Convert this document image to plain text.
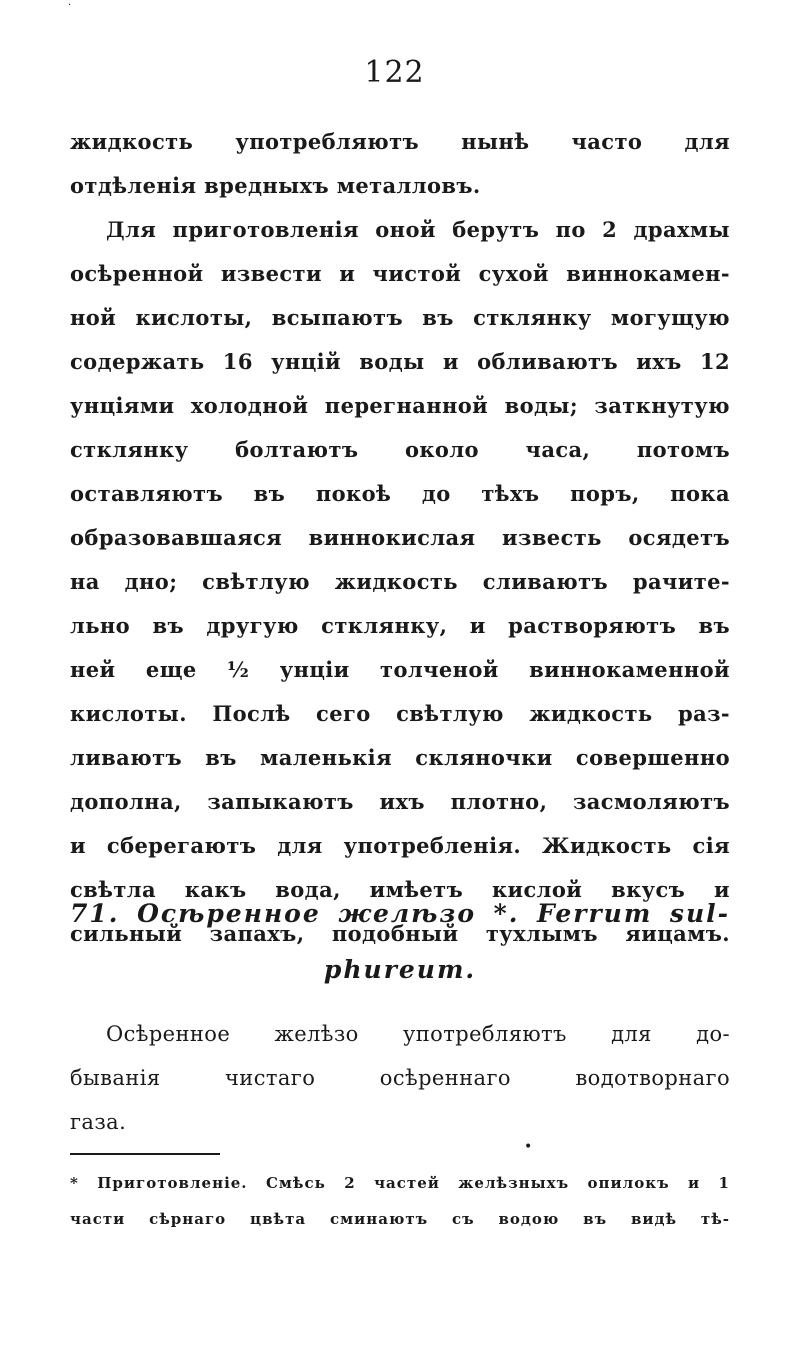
·
122
жидкость употребляютъ нынѣ часто для
отдѣленія вредныхъ металловъ.
Для приготовленія оной берутъ по 2 драхмы
осѣренной извести и чистой сухой виннокамен-
ной кислоты, всыпаютъ въ стклянку могущую
содержать 16 унцій воды и обливаютъ ихъ 12
унціями холодной перегнанной воды; заткнутую
стклянку болтаютъ около часа, потомъ
оставляютъ въ покоѣ до тѣхъ поръ, пока
образовавшаяся виннокислая известь осядетъ
на дно; свѣтлую жидкость сливаютъ рачите-
льно въ другую стклянку, и растворяютъ въ
ней еще ½ унціи толченой виннокаменной
кислоты. Послѣ сего свѣтлую жидкость раз-
ливаютъ въ маленькія скляночки совершенно
дополна, запыкаютъ ихъ плотно, засмоляютъ
и сберегаютъ для употребленія. Жидкость сія
свѣтла какъ вода, имѣетъ кислой вкусъ и
сильный запахъ, подобный тухлымъ яицамъ.
71. Осѣренное желѣзо *. Ferrum sul-
phureum.
Осѣренное желѣзо употребляютъ для до-
быванія чистаго осѣреннаго водотворнаго
газа.
•
* Приготовленіе. Смѣсь 2 частей желѣзныхъ опилокъ и 1
части сѣрнаго цвѣта сминаютъ съ водою въ видѣ тѣ-
